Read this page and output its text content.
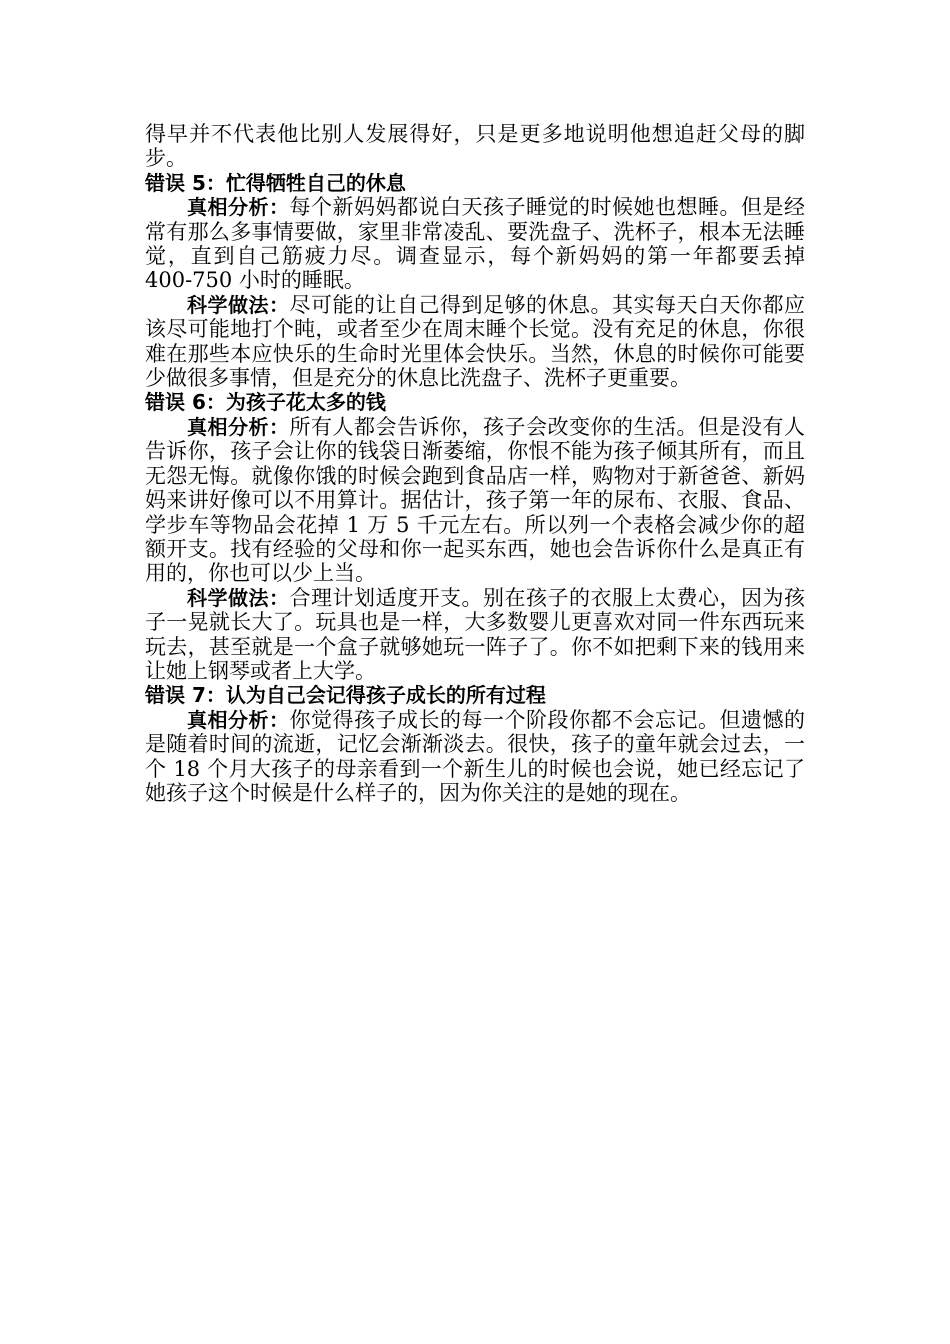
得早并不代表他比别人发展得好，只是更多地说明他想追赶父母的脚步。

错误 5：忙得牺牲自己的休息

真相分析：每个新妈妈都说白天孩子睡觉的时候她也想睡。但是经常有那么多事情要做，家里非常凌乱、要洗盘子、洗杯子，根本无法睡觉，直到自己筋疲力尽。调查显示，每个新妈妈的第一年都要丢掉 400-750 小时的睡眠。

科学做法：尽可能的让自己得到足够的休息。其实每天白天你都应该尽可能地打个盹，或者至少在周末睡个长觉。没有充足的休息，你很难在那些本应快乐的生命时光里体会快乐。当然，休息的时候你可能要少做很多事情，但是充分的休息比洗盘子、洗杯子更重要。

错误 6：为孩子花太多的钱

真相分析：所有人都会告诉你，孩子会改变你的生活。但是没有人告诉你，孩子会让你的钱袋日渐萎缩，你恨不能为孩子倾其所有，而且无怨无悔。就像你饿的时候会跑到食品店一样，购物对于新爸爸、新妈妈来讲好像可以不用算计。据估计，孩子第一年的尿布、衣服、食品、学步车等物品会花掉 1 万 5 千元左右。所以列一个表格会减少你的超额开支。找有经验的父母和你一起买东西，她也会告诉你什么是真正有用的，你也可以少上当。

科学做法：合理计划适度开支。别在孩子的衣服上太费心，因为孩子一晃就长大了。玩具也是一样，大多数婴儿更喜欢对同一件东西玩来玩去，甚至就是一个盒子就够她玩一阵子了。你不如把剩下来的钱用来让她上钢琴或者上大学。

错误 7：认为自己会记得孩子成长的所有过程

真相分析：你觉得孩子成长的每一个阶段你都不会忘记。但遗憾的是随着时间的流逝，记忆会渐渐淡去。很快，孩子的童年就会过去，一个 18 个月大孩子的母亲看到一个新生儿的时候也会说，她已经忘记了她孩子这个时候是什么样子的，因为你关注的是她的现在。
